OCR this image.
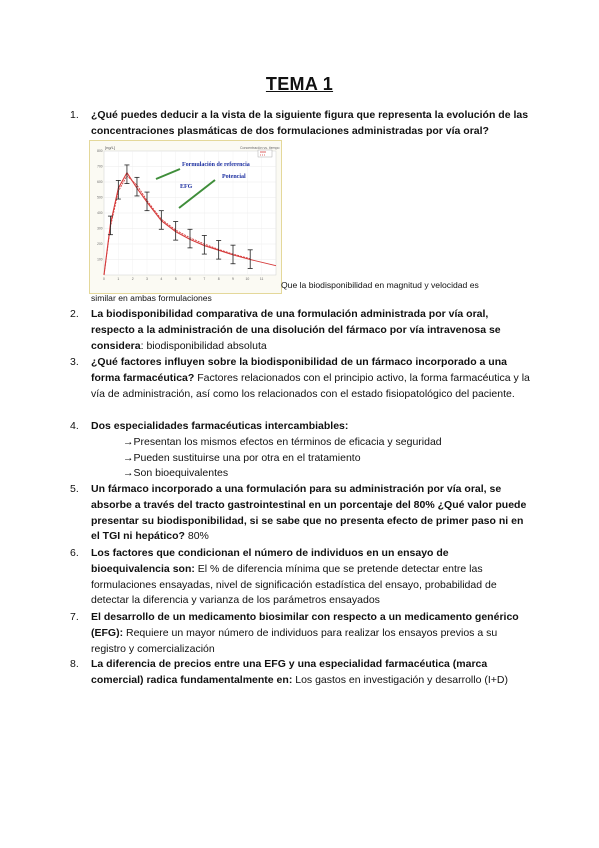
TEMA 1
1.	¿Qué puedes deducir a la vista de la siguiente figura que representa la evolución de las concentraciones plasmáticas de dos formulaciones administradas por vía oral?
800
700
600
500
400
300
200
100
0	1	2	3	4	5	6	7	8	9	10	11
[ng/L]	Concentración vs. tiempo
Formulación de referencia
EFG
Potencial
Que la biodisponibilidad en magnitud y velocidad es
similar en ambas formulaciones
2.	La biodisponibilidad comparativa de una formulación administrada por vía oral, respecto a la administración de una disolución del fármaco por vía intravenosa se considera: biodisponibilidad absoluta
3.	¿Qué factores influyen sobre la biodisponibilidad de un fármaco incorporado a una forma farmacéutica? Factores relacionados con el principio activo, la forma farmacéutica y la vía de administración, así como los relacionados con el estado fisiopatológico del paciente.
4.	Dos especialidades farmacéuticas intercambiables:
→Presentan los mismos efectos en términos de eficacia y seguridad
→Pueden sustituirse una por otra en el tratamiento
→Son bioequivalentes
5.	Un fármaco incorporado a una formulación para su administración por vía oral, se absorbe a través del tracto gastrointestinal en un porcentaje del 80% ¿Qué valor puede presentar su biodisponibilidad, si se sabe que no presenta efecto de primer paso ni en el TGI ni hepático? 80%
6.	Los factores que condicionan el número de individuos en un ensayo de bioequivalencia son: El % de diferencia mínima que se pretende detectar entre las formulaciones ensayadas, nivel de significación estadística del ensayo, probabilidad de detectar la diferencia y varianza de los parámetros ensayados
7.	El desarrollo de un medicamento biosimilar con respecto a un medicamento genérico (EFG): Requiere un mayor número de individuos para realizar los ensayos previos a su registro y comercialización
8.	La diferencia de precios entre una EFG y una especialidad farmacéutica (marca comercial) radica fundamentalmente en: Los gastos en investigación y desarrollo (I+D)
